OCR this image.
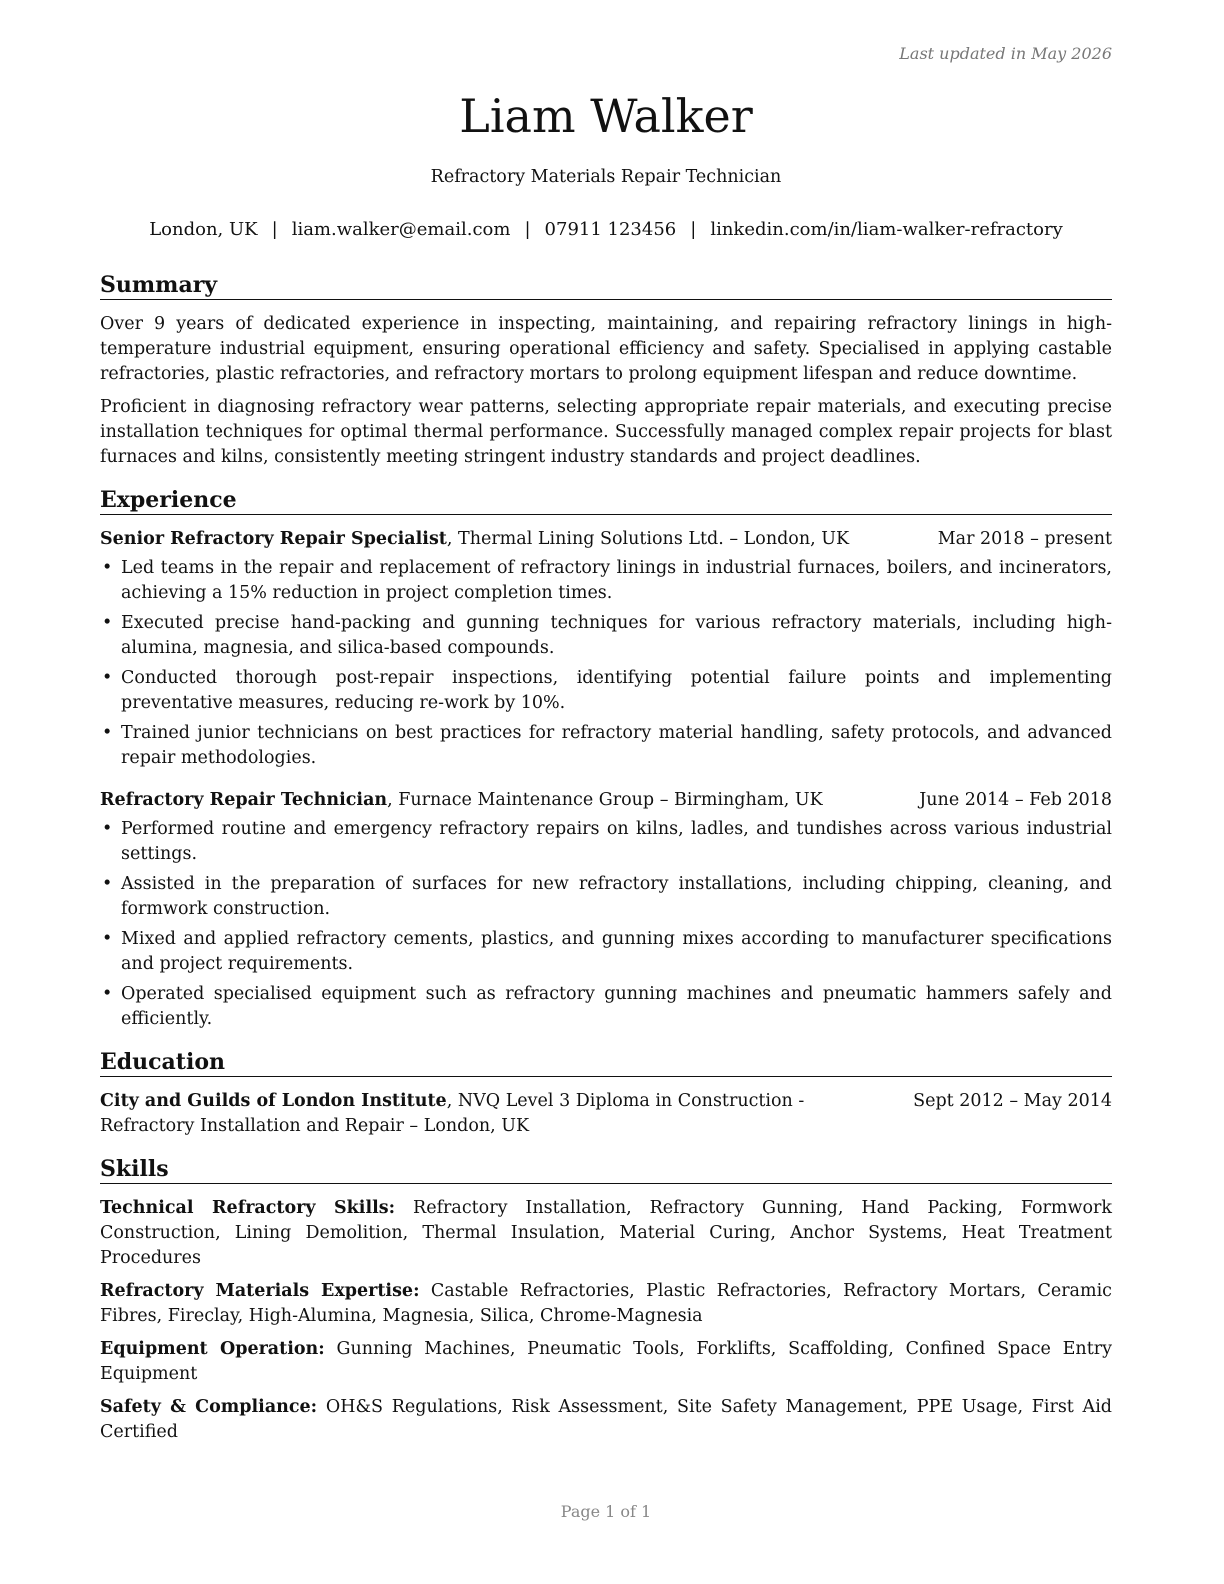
Last updated in May 2026
Liam Walker
Refractory Materials Repair Technician
London, UK | liam.walker@email.com | 07911 123456 | linkedin.com/in/liam-walker-refractory
Summary

Over 9 years of dedicated experience in inspecting, maintaining, and repairing refractory linings in high-temperature industrial equipment, ensuring operational efficiency and safety. Specialised in applying castable refractories, plastic refractories, and refractory mortars to prolong equipment lifespan and reduce downtime.

Proficient in diagnosing refractory wear patterns, selecting appropriate repair materials, and executing precise installation techniques for optimal thermal performance. Successfully managed complex repair projects for blast furnaces and kilns, consistently meeting stringent industry standards and project deadlines.

Experience
Senior Refractory Repair Specialist, Thermal Lining Solutions Ltd. – London, UK	Mar 2018 – present
• Led teams in the repair and replacement of refractory linings in industrial furnaces, boilers, and incinerators, achieving a 15% reduction in project completion times.
• Executed precise hand-packing and gunning techniques for various refractory materials, including high-alumina, magnesia, and silica-based compounds.
• Conducted thorough post-repair inspections, identifying potential failure points and implementing preventative measures, reducing re-work by 10%.
• Trained junior technicians on best practices for refractory material handling, safety protocols, and advanced repair methodologies.
Refractory Repair Technician, Furnace Maintenance Group – Birmingham, UK	June 2014 – Feb 2018
• Performed routine and emergency refractory repairs on kilns, ladles, and tundishes across various industrial settings.
• Assisted in the preparation of surfaces for new refractory installations, including chipping, cleaning, and formwork construction.
• Mixed and applied refractory cements, plastics, and gunning mixes according to manufacturer specifications and project requirements.
• Operated specialised equipment such as refractory gunning machines and pneumatic hammers safely and efficiently.
Education
City and Guilds of London Institute, NVQ Level 3 Diploma in Construction - Refractory Installation and Repair – London, UK
Sept 2012 – May 2014
Skills

Technical Refractory Skills: Refractory Installation, Refractory Gunning, Hand Packing, Formwork Construction, Lining Demolition, Thermal Insulation, Material Curing, Anchor Systems, Heat Treatment Procedures

Refractory Materials Expertise: Castable Refractories, Plastic Refractories, Refractory Mortars, Ceramic Fibres, Fireclay, High-Alumina, Magnesia, Silica, Chrome-Magnesia

Equipment Operation: Gunning Machines, Pneumatic Tools, Forklifts, Scaffolding, Confined Space Entry Equipment

Safety & Compliance: OH&S Regulations, Risk Assessment, Site Safety Management, PPE Usage, First Aid Certified

Page 1 of 1
